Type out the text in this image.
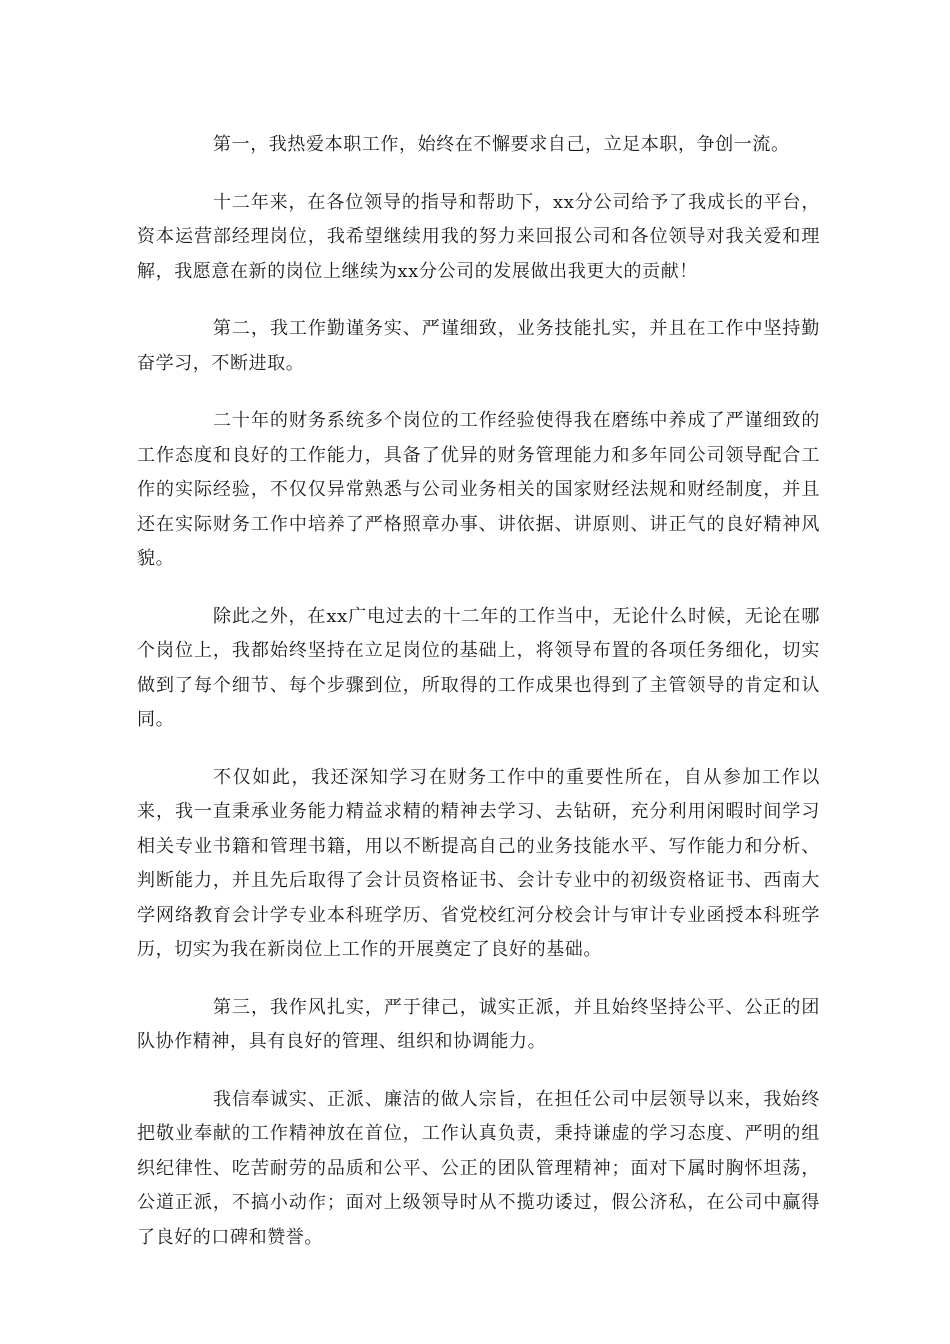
第一，我热爱本职工作，始终在不懈要求自己，立足本职，争创一流。

十二年来，在各位领导的指导和帮助下，xx分公司给予了我成长的平台，资本运营部经理岗位，我希望继续用我的努力来回报公司和各位领导对我关爱和理解，我愿意在新的岗位上继续为xx分公司的发展做出我更大的贡献！

第二，我工作勤谨务实、严谨细致，业务技能扎实，并且在工作中坚持勤奋学习，不断进取。

二十年的财务系统多个岗位的工作经验使得我在磨练中养成了严谨细致的工作态度和良好的工作能力，具备了优异的财务管理能力和多年同公司领导配合工作的实际经验，不仅仅异常熟悉与公司业务相关的国家财经法规和财经制度，并且还在实际财务工作中培养了严格照章办事、讲依据、讲原则、讲正气的良好精神风貌。

除此之外，在xx广电过去的十二年的工作当中，无论什么时候，无论在哪个岗位上，我都始终坚持在立足岗位的基础上，将领导布置的各项任务细化，切实做到了每个细节、每个步骤到位，所取得的工作成果也得到了主管领导的肯定和认同。

不仅如此，我还深知学习在财务工作中的重要性所在，自从参加工作以来，我一直秉承业务能力精益求精的精神去学习、去钻研，充分利用闲暇时间学习相关专业书籍和管理书籍，用以不断提高自己的业务技能水平、写作能力和分析、判断能力，并且先后取得了会计员资格证书、会计专业中的初级资格证书、西南大学网络教育会计学专业本科班学历、省党校红河分校会计与审计专业函授本科班学历，切实为我在新岗位上工作的开展奠定了良好的基础。

第三，我作风扎实，严于律己，诚实正派，并且始终坚持公平、公正的团队协作精神，具有良好的管理、组织和协调能力。

我信奉诚实、正派、廉洁的做人宗旨，在担任公司中层领导以来，我始终把敬业奉献的工作精神放在首位，工作认真负责，秉持谦虚的学习态度、严明的组织纪律性、吃苦耐劳的品质和公平、公正的团队管理精神；面对下属时胸怀坦荡，公道正派，不搞小动作；面对上级领导时从不揽功诿过，假公济私，在公司中赢得了良好的口碑和赞誉。
